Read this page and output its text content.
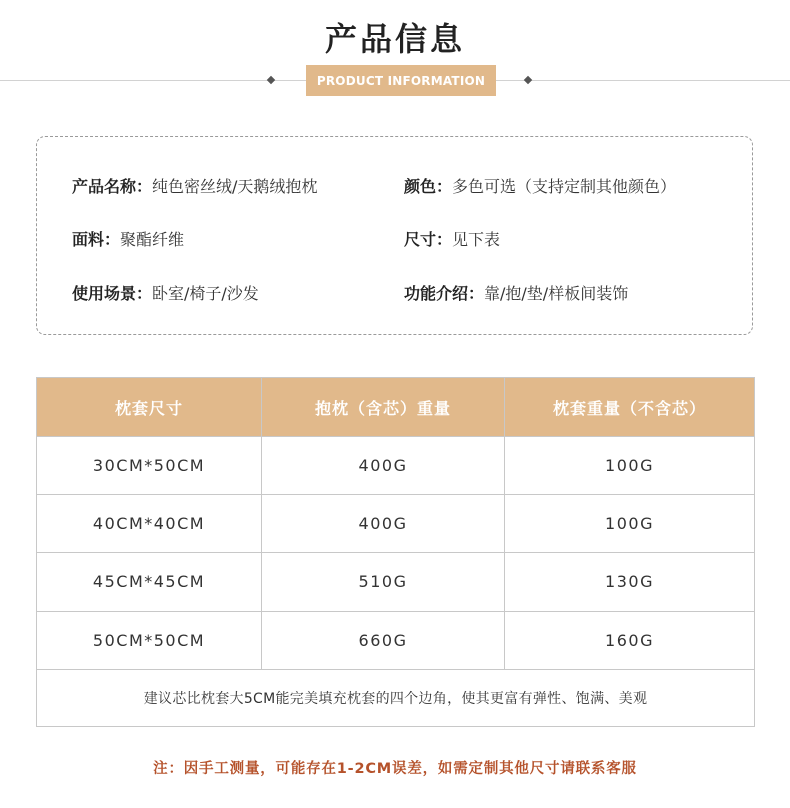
产品信息
PRODUCT INFORMATION
产品名称：纯色密丝绒/天鹅绒抱枕	颜色：多色可选（支持定制其他颜色）
面料：聚酯纤维	尺寸：见下表
使用场景：卧室/椅子/沙发	功能介绍：靠/抱/垫/样板间装饰
枕套尺寸	抱枕（含芯）重量	枕套重量（不含芯）
30CM*50CM	400G	100G
40CM*40CM	400G	100G
45CM*45CM	510G	130G
50CM*50CM	660G	160G
建议芯比枕套大5CM能完美填充枕套的四个边角，使其更富有弹性、饱满、美观		
注：因手工测量，可能存在1-2CM误差，如需定制其他尺寸请联系客服
